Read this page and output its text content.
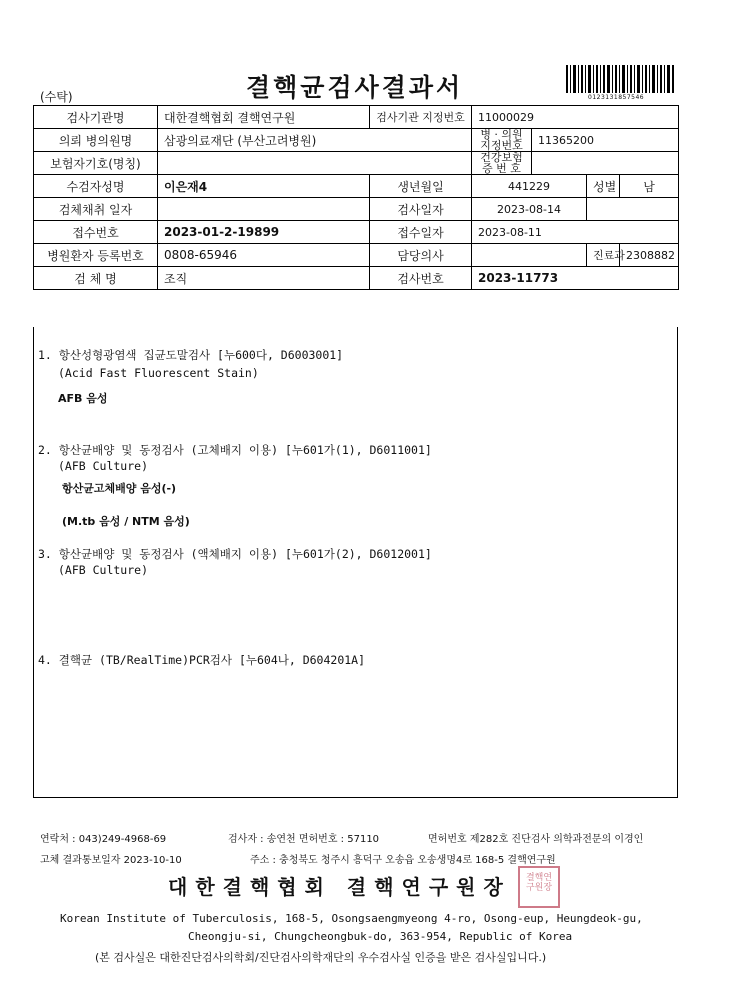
(수탁)	결핵균검사결과서	0123131857546
검사기관명	대한결핵협회 결핵연구원	검사기관 지정번호	11000029			
의뢰 병의원명	삼광의료재단 (부산고려병원)		병 · 의원 지정번호	11365200		
보험자기호(명칭)			건강보험 증 번 호			
수검자성명	이은재4	생년월일	441229		성별	남
검체채취 일자		검사일자	2023-08-14			
접수번호	2023-01-2-19899	접수일자	2023-08-11			
병원환자 등록번호	0808-65946	담당의사			진료과	2308882
검 체 명	조직	검사번호	2023-11773			
1. 항산성형광염색 집균도말검사 [누600다, D6003001]
(Acid Fast Fluorescent Stain)
AFB 음성
2. 항산균배양 및 동정검사 (고체배지 이용) [누601가(1), D6011001]
(AFB Culture)
항산균고체배양 음성(-)
(M.tb 음성 / NTM 음성)
3. 항산균배양 및 동정검사 (액체배지 이용) [누601가(2), D6012001]
(AFB Culture)
4. 결핵균 (TB/RealTime)PCR검사 [누604나, D604201A]
연락처 : 043)249-4968-69	검사자 : 송연천 면허번호 : 57110	면허번호 제282호 진단검사 의학과전문의 이경인
고체 결과통보일자 2023-10-10	주소 : 충청북도 청주시 흥덕구 오송읍 오송생명4로 168-5 결핵연구원
대한결핵협회 결핵연구원장	결핵연구원장
Korean Institute of Tuberculosis, 168-5, Osongsaengmyeong 4-ro, Osong-eup, Heungdeok-gu,
Cheongju-si, Chungcheongbuk-do, 363-954, Republic of Korea
(본 검사실은 대한진단검사의학회/진단검사의학재단의 우수검사실 인증을 받은 검사실입니다.)
